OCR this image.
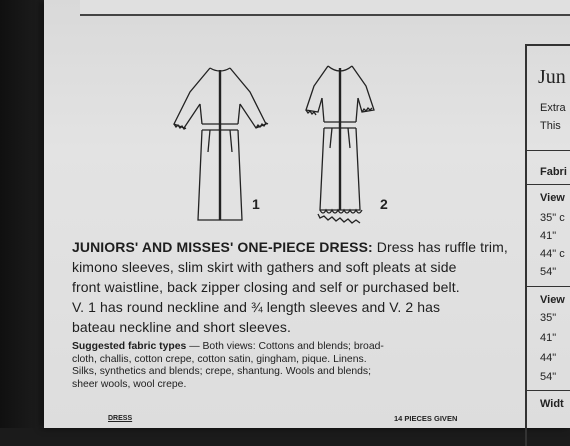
1	2
JUNIORS' AND MISSES' ONE-PIECE DRESS: Dress has ruffle trim,
kimono sleeves, slim skirt with gathers and soft pleats at side
front waistline, back zipper closing and self or purchased belt.
V. 1 has round neckline and ¾ length sleeves and V. 2 has
bateau neckline and short sleeves.
Suggested fabric types — Both views: Cottons and blends; broad-
cloth, challis, cotton crepe, cotton satin, gingham, pique. Linens.
Silks, synthetics and blends; crepe, shantung. Wools and blends;
sheer wools, wool crepe.
DRESS	14 PIECES GIVEN
Jun
Extra
This
Fabri
View
35" c
41"
44" c
54"
View
35"
41"
44"
54"
Widt
